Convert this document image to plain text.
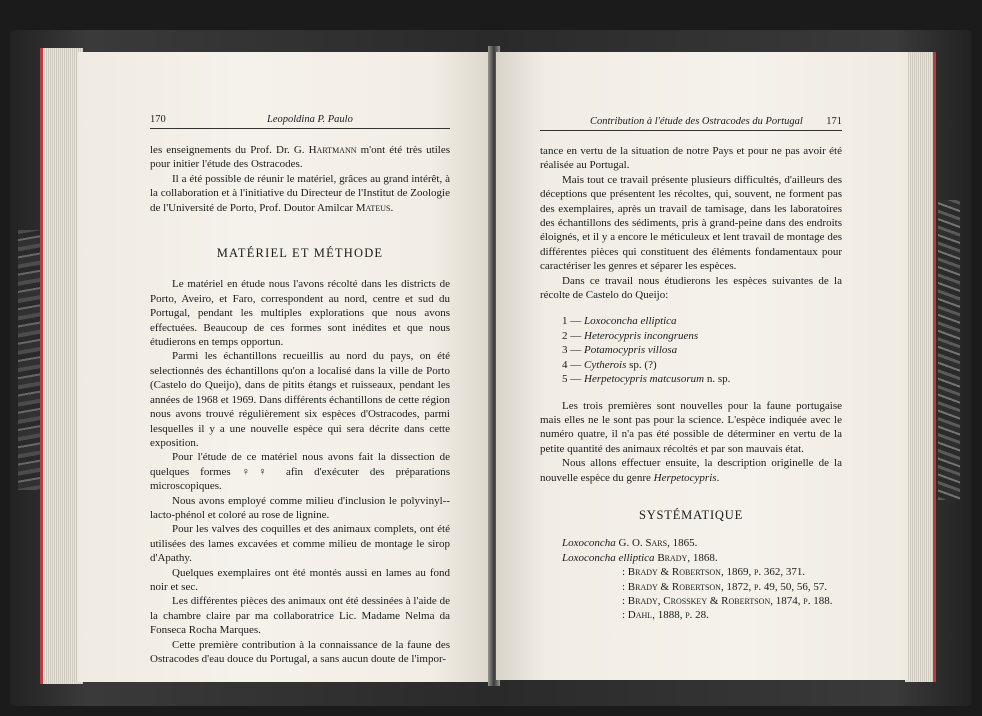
170	Leopoldina P. Paulo

les enseignements du Prof. Dr. G. Hartmann m'ont été très utiles pour initier l'étude des Ostracodes.

Il a été possible de réunir le matériel, grâces au grand intérêt, à la collaboration et à l'initiative du Directeur de l'Institut de Zoologie de l'Université de Porto, Prof. Doutor Amilcar Mateus.

MATÉRIEL ET MÉTHODE

Le matériel en étude nous l'avons récolté dans les districts de Porto, Aveiro, et Faro, correspondent au nord, centre et sud du Portugal, pendant les multiples explorations que nous avons effectuées. Beaucoup de ces formes sont inédites et que nous étudierons en temps opportun.

Parmi les échantillons recueillis au nord du pays, on été selectionnés des échantillons qu'on a localisé dans la ville de Porto (Castelo do Queijo), dans de pitits étangs et ruisseaux, pendant les années de 1968 et 1969. Dans différents échantillons de cette région nous avons trouvé régulièrement six espèces d'Ostracodes, parmi lesquelles il y a une nouvelle espèce qui sera décrite dans cette exposition.

Pour l'étude de ce matériel nous avons fait la dissection de quelques formes ♀♀ afin d'exécuter des préparations microscopiques.

Nous avons employé comme milieu d'inclusion le polyvinyl--lacto-phénol et coloré au rose de lignine.

Pour les valves des coquilles et des animaux complets, ont été utilisées des lames excavées et comme milieu de montage le sirop d'Apathy.

Quelques exemplaires ont été montés aussi en lames au fond noir et sec.

Les différentes pièces des animaux ont été dessinées à l'aide de la chambre claire par ma collaboratrice Lic. Madame Nelma da Fonseca Rocha Marques.

Cette première contribution à la connaissance de la faune des Ostracodes d'eau douce du Portugal, a sans aucun doute de l'impor-

Contribution à l'étude des Ostracodes du Portugal 171

tance en vertu de la situation de notre Pays et pour ne pas avoir été réalisée au Portugal.

Mais tout ce travail présente plusieurs difficultés, d'ailleurs des déceptions que présentent les récoltes, qui, souvent, ne forment pas des exemplaires, après un travail de tamisage, dans les laboratoires des échantillons des sédiments, pris à grand-peine dans des endroits éloignés, et il y a encore le méticuleux et lent travail de montage des différentes pièces qui constituent des éléments fondamentaux pour caractériser les genres et séparer les espèces.

Dans ce travail nous étudierons les espèces suivantes de la récolte de Castelo do Queijo:

1 — Loxoconcha elliptica
2 — Heterocypris incongruens
3 — Potamocypris villosa
4 — Cytherois sp. (?)
5 — Herpetocypris matcusorum n. sp.

Les trois premières sont nouvelles pour la faune portugaise mais elles ne le sont pas pour la science. L'espèce indiquée avec le numéro quatre, il n'a pas été possible de déterminer en vertu de la petite quantité des animaux récoltés et par son mauvais état.

Nous allons effectuer ensuite, la description originelle de la nouvelle espèce du genre Herpetocypris.

SYSTÉMATIQUE
Loxoconcha G. O. Sars, 1865.
Loxoconcha elliptica Brady, 1868.
: Brady & Robertson, 1869, p. 362, 371.
: Brady & Robertson, 1872, p. 49, 50, 56, 57.
: Brady, Crosskey & Robertson, 1874, p. 188.
: Dahl, 1888, p. 28.
